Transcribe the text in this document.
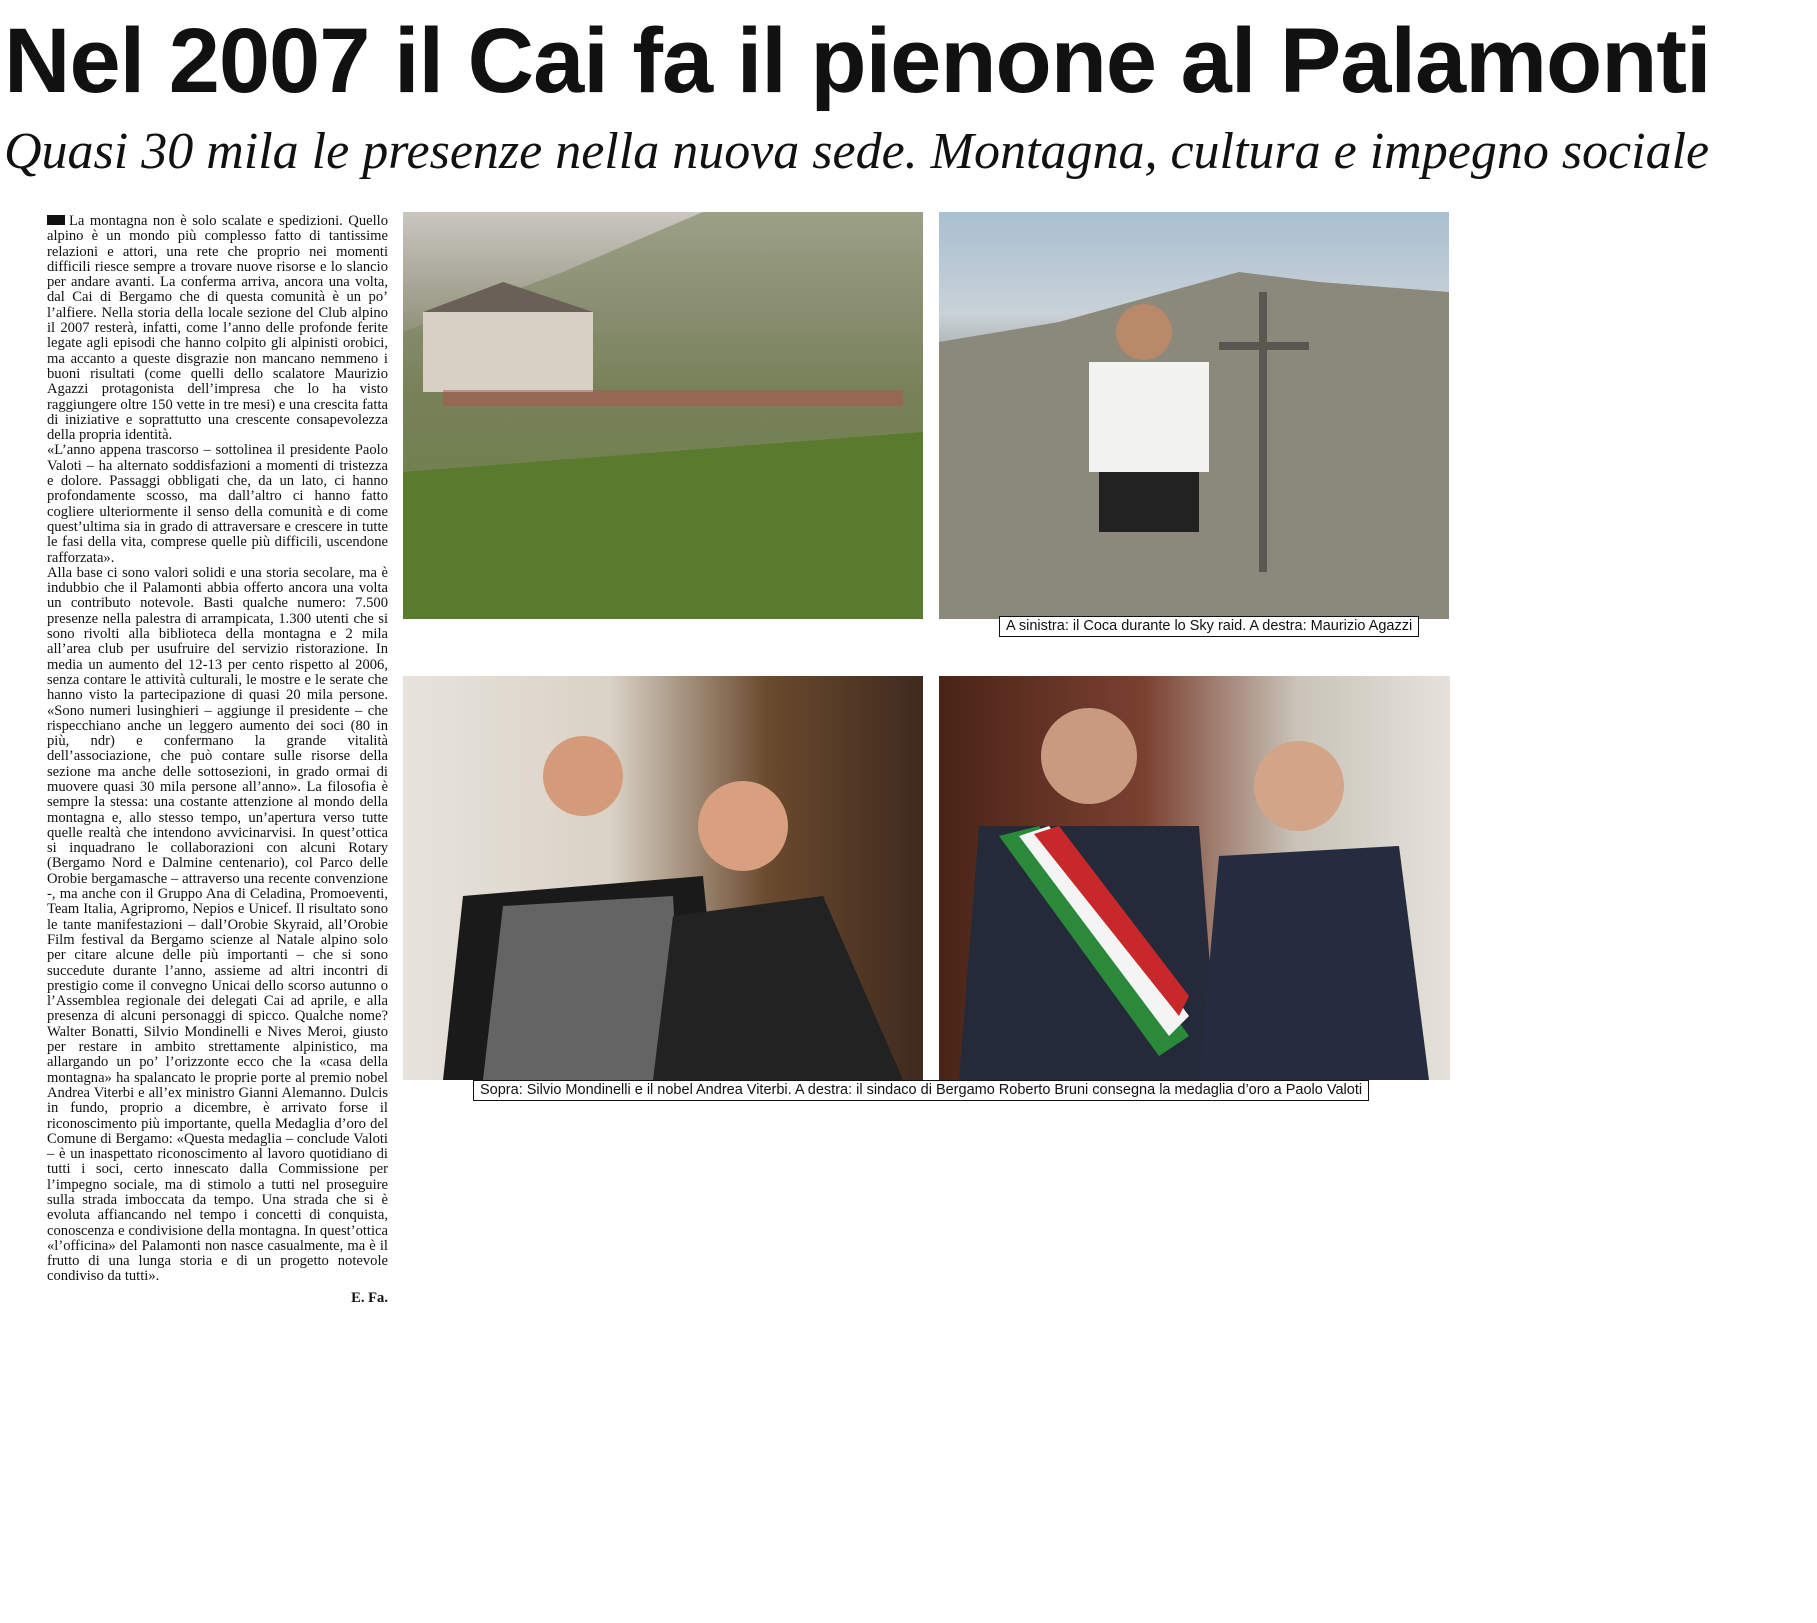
Nel 2007 il Cai fa il pienone al Palamonti
Quasi 30 mila le presenze nella nuova sede. Montagna, cultura e impegno sociale

La montagna non è solo scalate e spedizioni. Quello alpino è un mondo più complesso fatto di tantissime relazioni e attori, una rete che proprio nei momenti difficili riesce sempre a trovare nuove risorse e lo slancio per andare avanti. La conferma arriva, ancora una volta, dal Cai di Bergamo che di questa comunità è un po’ l’alfiere. Nella storia della locale sezione del Club alpino il 2007 resterà, infatti, come l’anno delle profonde ferite legate agli episodi che hanno colpito gli alpinisti orobici, ma accanto a queste disgrazie non mancano nemmeno i buoni risultati (come quelli dello scalatore Maurizio Agazzi protagonista dell’impresa che lo ha visto raggiungere oltre 150 vette in tre mesi) e una crescita fatta di iniziative e soprattutto una crescente consapevolezza della propria identità.

«L’anno appena trascorso – sottolinea il presidente Paolo Valoti – ha alternato soddisfazioni a momenti di tristezza e dolore. Passaggi obbligati che, da un lato, ci hanno profondamente scosso, ma dall’altro ci hanno fatto cogliere ulteriormente il senso della comunità e di come quest’ultima sia in grado di attraversare e crescere in tutte le fasi della vita, comprese quelle più difficili, uscendone rafforzata».

Alla base ci sono valori solidi e una storia secolare, ma è indubbio che il Palamonti abbia offerto ancora una volta un contributo notevole. Basti qualche numero: 7.500 presenze nella palestra di arrampicata, 1.300 utenti che si sono rivolti alla biblioteca della montagna e 2 mila all’area club per usufruire del servizio ristorazione. In media un aumento del 12-13 per cento rispetto al 2006, senza contare le attività culturali, le mostre e le serate che hanno visto la partecipazione di quasi 20 mila persone. «Sono numeri lusinghieri – aggiunge il presidente – che rispecchiano anche un leggero aumento dei soci (80 in più, ndr) e confermano la grande vitalità dell’associazione, che può contare sulle risorse della sezione ma anche delle sottosezioni, in grado ormai di muovere quasi 30 mila persone all’anno». La filosofia è sempre la stessa: una costante attenzione al mondo della montagna e, allo stesso tempo, un’apertura verso tutte quelle realtà che intendono avvicinarvisi. In quest’ottica si inquadrano le collaborazioni con alcuni Rotary (Bergamo Nord e Dalmine centenario), col Parco delle Orobie bergamasche – attraverso una recente convenzione -, ma anche con il Gruppo Ana di Celadina, Promoeventi, Team Italia, Agripromo, Nepios e Unicef. Il risultato sono le tante manifestazioni – dall’Orobie Skyraid, all’Orobie Film festival da Bergamo scienze al Natale alpino solo per citare alcune delle più importanti – che si sono succedute durante l’anno, assieme ad altri incontri di prestigio come il convegno Unicai dello scorso autunno o l’Assemblea regionale dei delegati Cai ad aprile, e alla presenza di alcuni personaggi di spicco. Qualche nome? Walter Bonatti, Silvio Mondinelli e Nives Meroi, giusto per restare in ambito strettamente alpinistico, ma allargando un po’ l’orizzonte ecco che la «casa della montagna» ha spalancato le proprie porte al premio nobel Andrea Viterbi e all’ex ministro Gianni Alemanno. Dulcis in fundo, proprio a dicembre, è arrivato forse il riconoscimento più importante, quella Medaglia d’oro del Comune di Bergamo: «Questa medaglia – conclude Valoti – è un inaspettato riconoscimento al lavoro quotidiano di tutti i soci, certo innescato dalla Commissione per l’impegno sociale, ma di stimolo a tutti nel proseguire sulla strada imboccata da tempo. Una strada che si è evoluta affiancando nel tempo i concetti di conquista, conoscenza e condivisione della montagna. In quest’ottica «l’officina» del Palamonti non nasce casualmente, ma è il frutto di una lunga storia e di un progetto notevole condiviso da tutti».

E. Fa.

A sinistra: il Coca durante lo Sky raid. A destra: Maurizio Agazzi
Sopra: Silvio Mondinelli e il nobel Andrea Viterbi. A destra: il sindaco di Bergamo Roberto Bruni consegna la medaglia d’oro a Paolo Valoti
